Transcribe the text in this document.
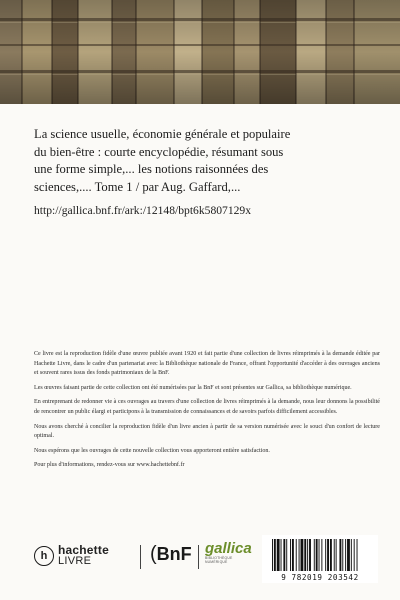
La science usuelle, économie générale et populaire
du bien-être : courte encyclopédie, résumant sous
une forme simple,... les notions raisonnées des
sciences,.... Tome 1 / par Aug. Gaffard,...
http://gallica.bnf.fr/ark:/12148/bpt6k5807129x

Ce livre est la reproduction fidèle d'une œuvre publiée avant 1920 et fait partie d'une collection de livres réimprimés à la demande éditée par Hachette Livre, dans le cadre d'un partenariat avec la Bibliothèque nationale de France, offrant l'opportunité d'accéder à des ouvrages anciens et souvent rares issus des fonds patrimoniaux de la BnF.

Les œuvres faisant partie de cette collection ont été numérisées par la BnF et sont présentes sur Gallica, sa bibliothèque numérique.

En entreprenant de redonner vie à ces ouvrages au travers d'une collection de livres réimprimés à la demande, nous leur donnons la possibilité de rencontrer un public élargi et participons à la transmission de connaissances et de savoirs parfois difficilement accessibles.

Nous avons cherché à concilier la reproduction fidèle d'un livre ancien à partir de sa version numérisée avec le souci d'un confort de lecture optimal.

Nous espérons que les ouvrages de cette nouvelle collection vous apporteront entière satisfaction.

Pour plus d'informations, rendez-vous sur www.hachettebnf.fr

h hachette
LIVRE	(BnF gallica
BIBLIOTHÈQUE NUMÉRIQUE
9 782019 203542
